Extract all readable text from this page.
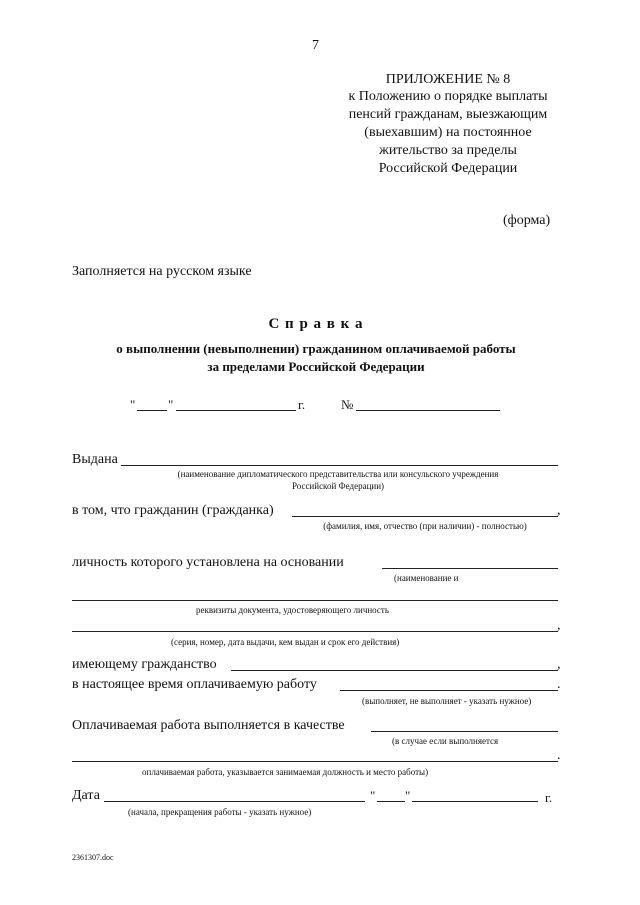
7
ПРИЛОЖЕНИЕ № 8
к Положению о порядке выплаты
пенсий гражданам, выезжающим
(выехавшим) на постоянное
жительство за пределы
Российской Федерации
(форма)
Заполняется на русском языке
С п р а в к а
о выполнении (невыполнении) гражданином оплачиваемой работы
за пределами Российской Федерации
"	"	г.	№
Выдана
(наименование дипломатического представительства или консульского учреждения
Российской Федерации)
в том, что гражданин (гражданка)	,
(фамилия, имя, отчество (при наличии) - полностью)
личность которого установлена на основании
(наименование и
реквизиты документа, удостоверяющего личность
,
(серия, номер, дата выдачи, кем выдан и срок его действия)
имеющему гражданство	,
в настоящее время оплачиваемую работу	.
(выполняет, не выполняет - указать нужное)
Оплачиваемая работа выполняется в качестве
(в случае если выполняется
.
оплачиваемая работа, указывается занимаемая должность и место работы)
Дата	" "	г.
(начала, прекращения работы - указать нужное)
2361307.doc
